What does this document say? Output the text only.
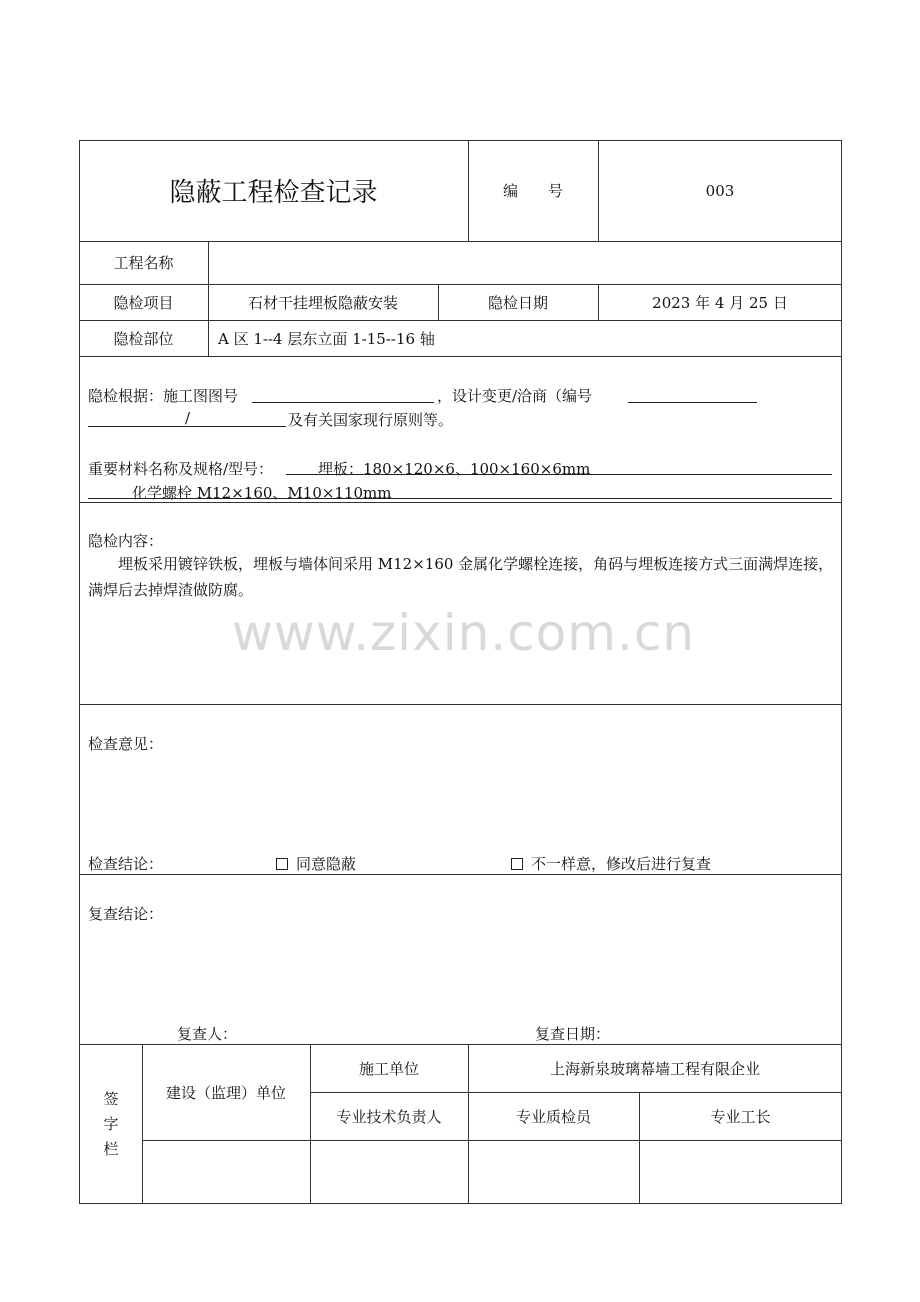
隐蔽工程检查记录	编　　号	003
工程名称
隐检项目	石材干挂埋板隐蔽安装	隐检日期	2023 年 4 月 25 日
隐检部位	A 区 1--4 层东立面 1-15--16 轴
隐检根据：施工图图号	，设计变更/洽商（编号
/	及有关国家现行原则等。
重要材料名称及规格/型号：	埋板：180×120×6、100×160×6mm
化学螺栓 M12×160、M10×110mm
隐检内容：
埋板采用镀锌铁板，埋板与墙体间采用 M12×160 金属化学螺栓连接，角码与埋板连接方式三面满焊连接，满焊后去掉焊渣做防腐。
www.zixin.com.cn
检查意见：
检查结论：	同意隐蔽	不一样意，修改后进行复查
复查结论：
复查人：	复查日期：
签
字
栏
建设（监理）单位
施工单位	上海新泉玻璃幕墙工程有限企业
专业技术负责人	专业质检员	专业工长
